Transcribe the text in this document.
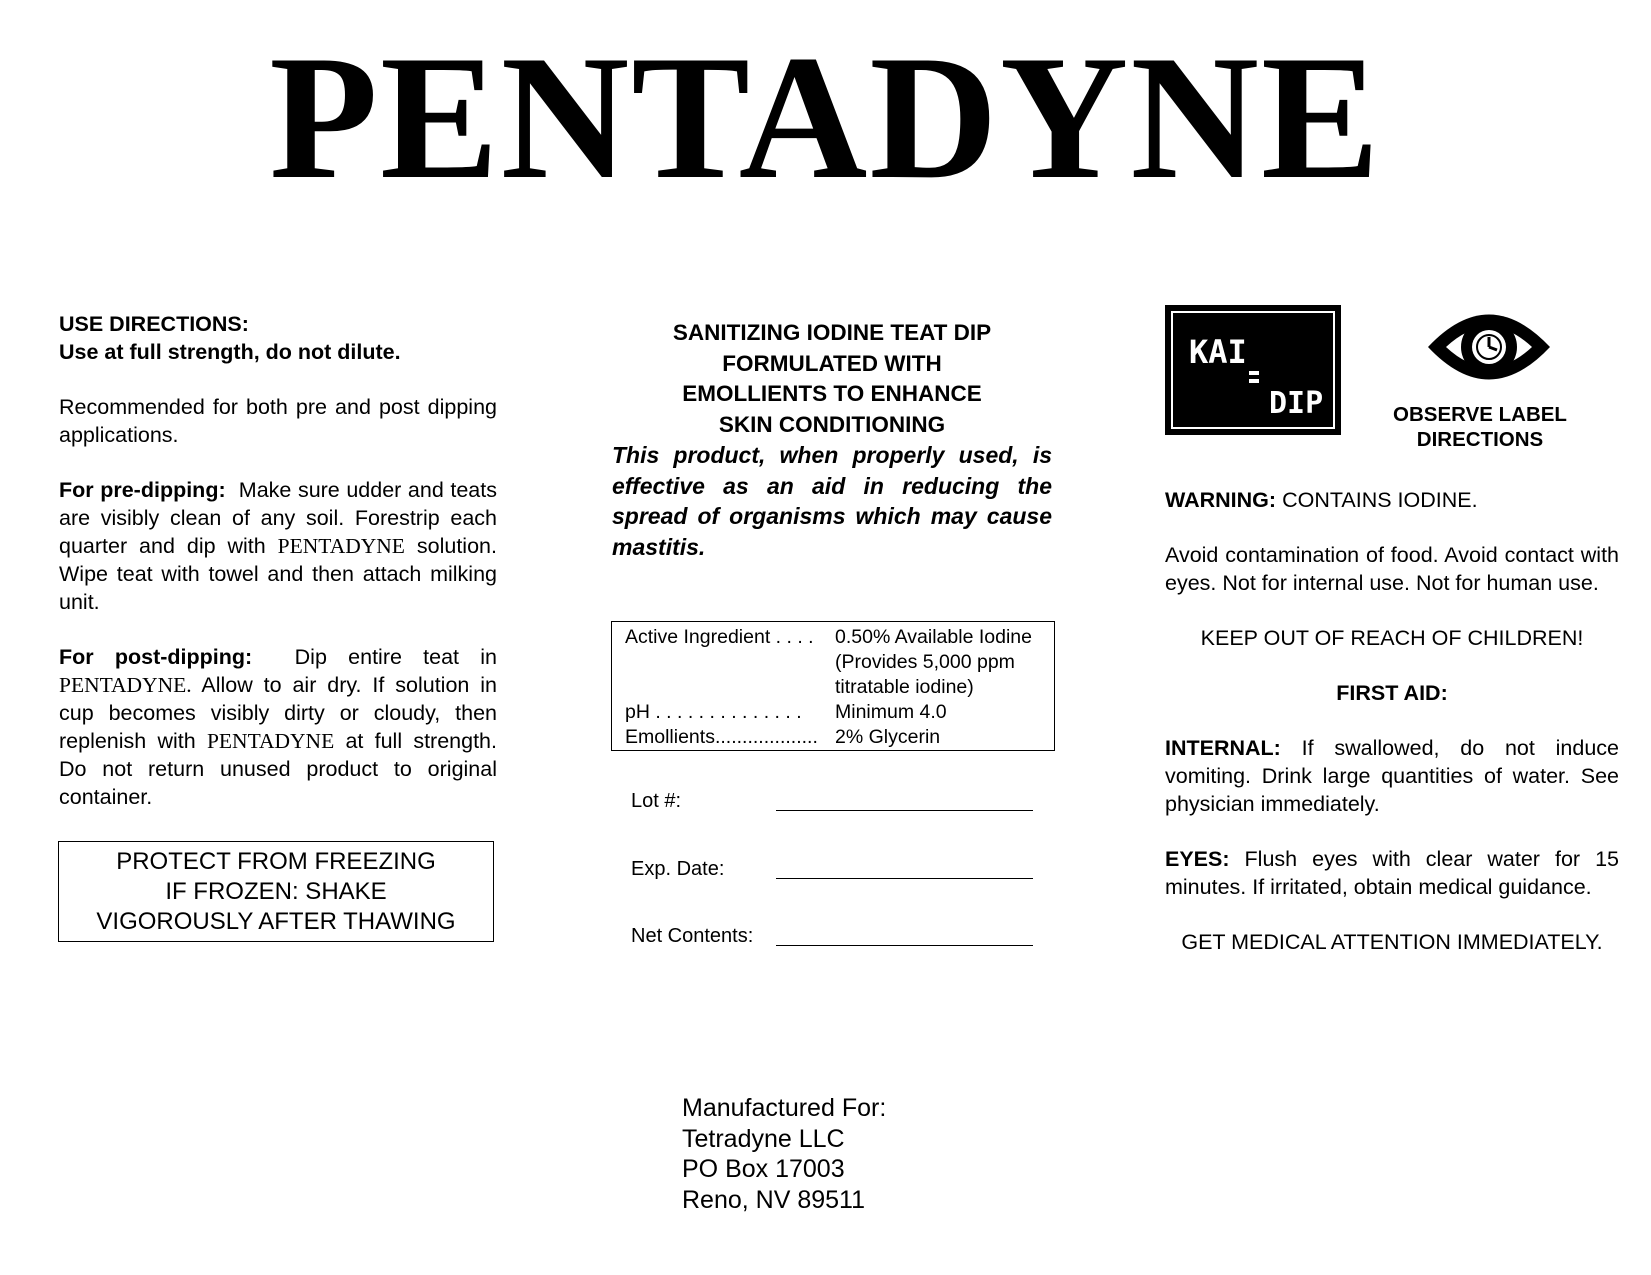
PENTADYNE

USE DIRECTIONS:

Use at full strength, do not dilute.

Recommended for both pre and post dipping applications.

For pre-dipping: Make sure udder and teats are visibly clean of any soil. Forestrip each quarter and dip with PENTADYNE solution. Wipe teat with towel and then attach milking unit.

For post-dipping: Dip entire teat in PENTADYNE. Allow to air dry. If solution in cup becomes visibly dirty or cloudy, then replenish with PENTADYNE at full strength. Do not return unused product to original container.

PROTECT FROM FREEZING
IF FROZEN: SHAKE
VIGOROUSLY AFTER THAWING
SANITIZING IODINE TEAT DIP
FORMULATED WITH
EMOLLIENTS TO ENHANCE
SKIN CONDITIONING

This product, when properly used, is effective as an aid in reducing the spread of organisms which may cause mastitis.

Active Ingredient . . . .	0.50% Available Iodine
(Provides 5,000 ppm
titratable iodine)
pH . . . . . . . . . . . . . .	Minimum 4.0
Emollients................... 2% Glycerin
Lot #:
Exp. Date:
Net Contents:
KAI
DIP	OBSERVE LABEL
DIRECTIONS

WARNING: CONTAINS IODINE.

Avoid contamination of food. Avoid contact with eyes. Not for internal use. Not for human use.

KEEP OUT OF REACH OF CHILDREN!

FIRST AID:

INTERNAL: If swallowed, do not induce vomiting. Drink large quantities of water. See physician immediately.

EYES: Flush eyes with clear water for 15 minutes. If irritated, obtain medical guidance.

GET MEDICAL ATTENTION IMMEDIATELY.

Manufactured For:
Tetradyne LLC
PO Box 17003
Reno, NV 89511
